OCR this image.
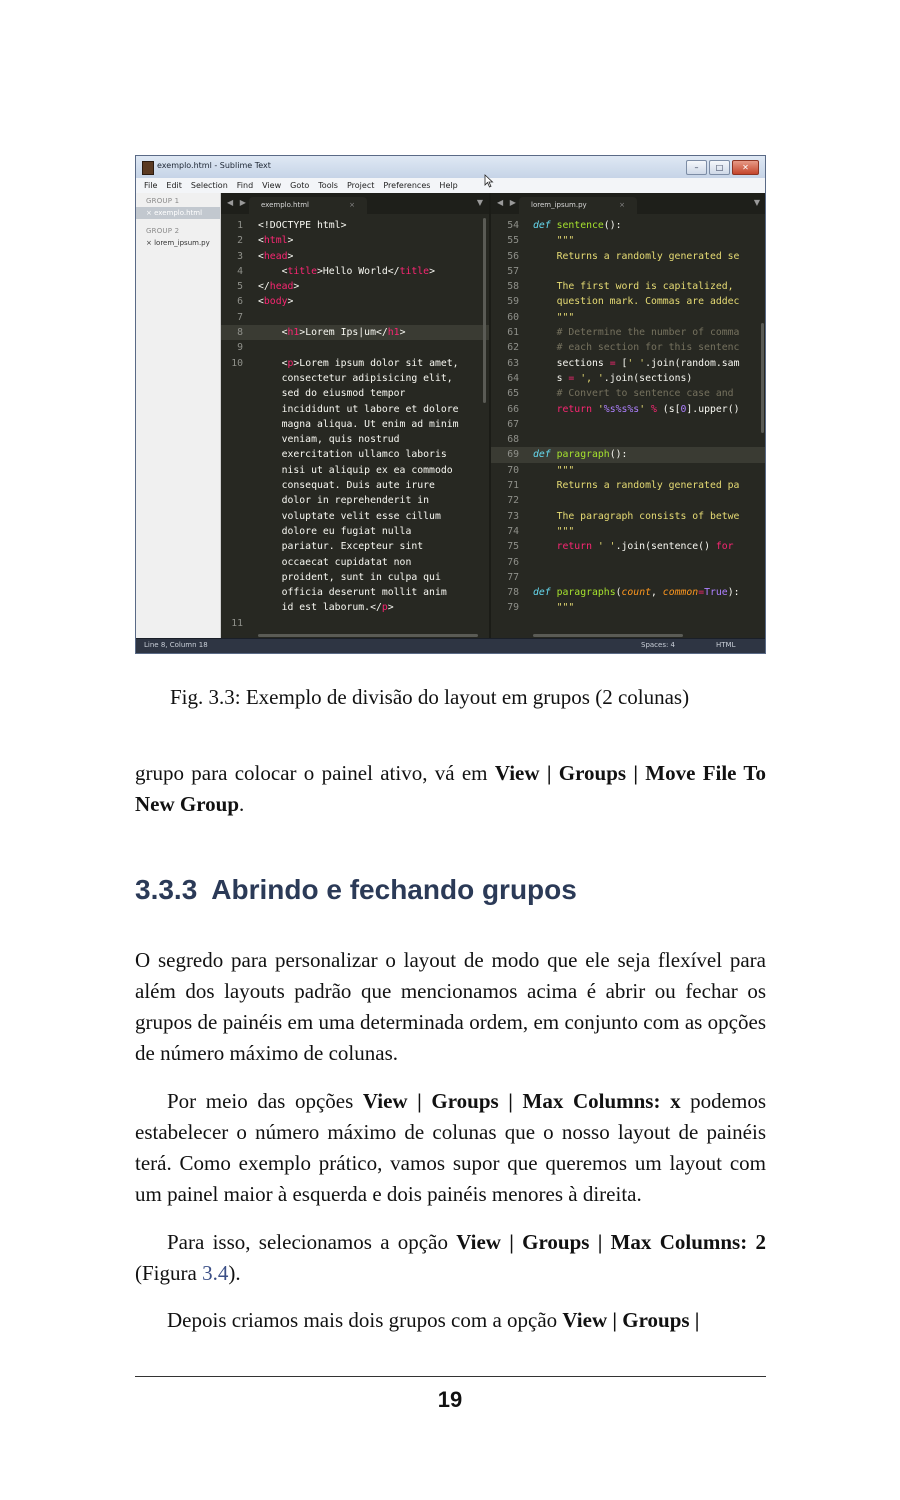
exemplo.html - Sublime Text	–	□	✕
File Edit Selection Find View Goto Tools Project Preferences Help
GROUP 1
× exemplo.html
GROUP 2
× lorem_ipsum.py
◀ ▶	exemplo.html	×	▼
1 <!DOCTYPE html>
2 <html>
3 <head>
4 <title>Hello World</title>
5 </head>
6 <body>
7
8 <h1>Lorem Ips|um</h1>
9
10 <p>Lorem ipsum dolor sit amet,
consectetur adipisicing elit,
sed do eiusmod tempor
incididunt ut labore et dolore
magna aliqua. Ut enim ad minim
veniam, quis nostrud
exercitation ullamco laboris
nisi ut aliquip ex ea commodo
consequat. Duis aute irure
dolor in reprehenderit in
voluptate velit esse cillum
dolore eu fugiat nulla
pariatur. Excepteur sint
occaecat cupidatat non
proident, sunt in culpa qui
officia deserunt mollit anim
id est laborum.</p>
11
◀ ▶	lorem_ipsum.py	×	▼
54 def sentence():
55	"""
56	Returns a randomly generated se
57
58	The first word is capitalized,
59	question mark. Commas are addec
60	"""
61	# Determine the number of comma
62	# each section for this sentenc
63 sections = [' '.join(random.sam
64 s = ', '.join(sections)
65	# Convert to sentence case and
66	return '%s%s%s' % (s[0].upper()
67
68
69 def paragraph():
70	"""
71	Returns a randomly generated pa
72
73	The paragraph consists of betwe
74	"""
75	return ' '.join(sentence() for
76
77
78 def paragraphs(count, common=True):
79	"""
Line 8, Column 18	Spaces: 4	HTML
Fig. 3.3: Exemplo de divisão do layout em grupos (2 colunas)
grupo para colocar o painel ativo, vá em View | Groups | Move File To New Group.
3.3.3 Abrindo e fechando grupos
O segredo para personalizar o layout de modo que ele seja flexível para além dos layouts padrão que mencionamos acima é abrir ou fechar os grupos de painéis em uma determinada ordem, em conjunto com as opções de número máximo de colunas.
Por meio das opções View | Groups | Max Columns: x podemos estabelecer o número máximo de colunas que o nosso layout de painéis terá. Como exemplo prático, vamos supor que queremos um layout com um painel maior à esquerda e dois painéis menores à direita.
Para isso, selecionamos a opção View | Groups | Max Columns: 2 (Figura 3.4).
Depois criamos mais dois grupos com a opção View | Groups |
19
